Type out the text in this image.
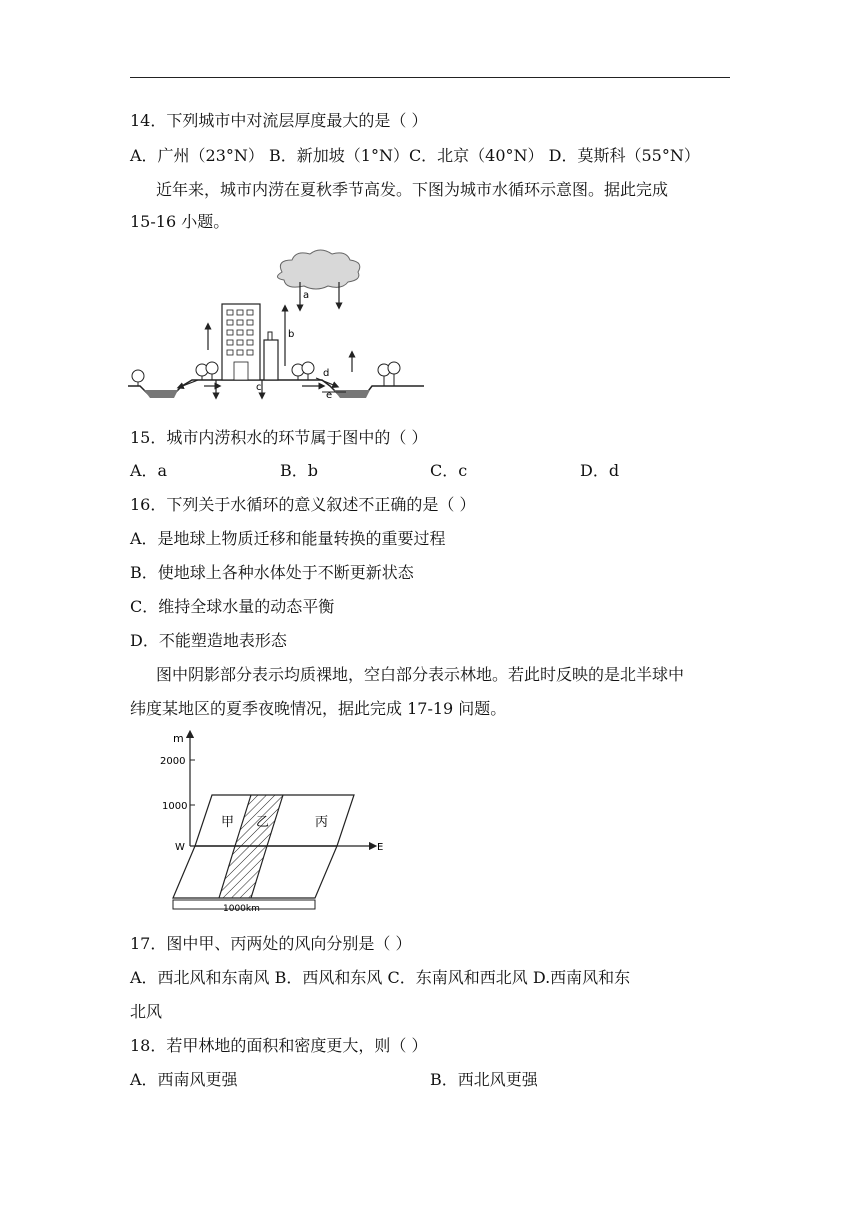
14．下列城市中对流层厚度最大的是（ ）
A．广州（23°N） B．新加坡（1°N）C．北京（40°N） D．莫斯科（55°N）
近年来，城市内涝在夏秋季节高发。下图为城市水循环示意图。据此完成
15-16 小题。
a
b
c
d
e
15．城市内涝积水的环节属于图中的（ ）
A．a	B．b	C．c	D．d
16．下列关于水循环的意义叙述不正确的是（ ）
A．是地球上物质迁移和能量转换的重要过程
B．使地球上各种水体处于不断更新状态
C．维持全球水量的动态平衡
D．不能塑造地表形态
图中阴影部分表示均质裸地，空白部分表示林地。若此时反映的是北半球中
纬度某地区的夏季夜晚情况，据此完成 17-19 问题。
m
2000
1000
W	E
甲 乙	丙
1000km
17．图中甲、丙两处的风向分别是（ ）
A．西北风和东南风 B．西风和东风 C．东南风和西北风 D.西南风和东
北风
18．若甲林地的面积和密度更大，则（ ）
A．西南风更强	B．西北风更强
